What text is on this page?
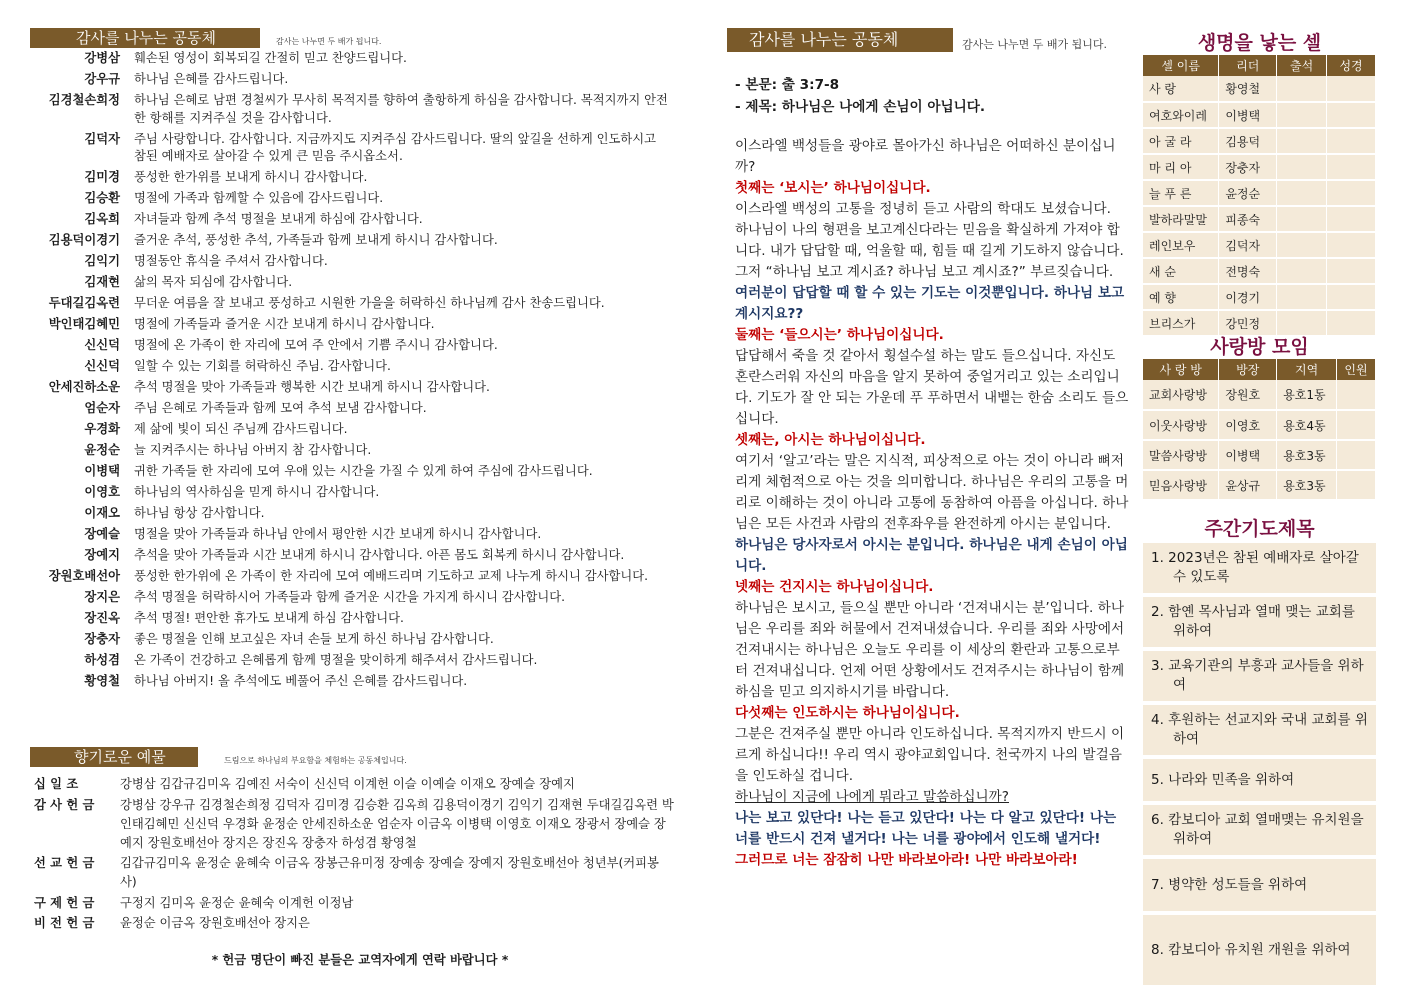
감사를 나누는 공동체	감사는 나누면 두 배가 됩니다.
강병삼	훼손된 영성이 회복되길 간절히 믿고 찬양드립니다.
강우규	하나님 은혜를 감사드립니다.
김경철손희정	하나님 은혜로 남편 경철씨가 무사히 목적지를 향하여 출항하게 하심을 감사합니다. 목적지까지 안전한 항해를 지켜주실 것을 감사합니다.
김덕자	주님 사랑합니다. 감사합니다. 지금까지도 지켜주심 감사드립니다. 딸의 앞길을 선하게 인도하시고 참된 예배자로 살아갈 수 있게 큰 믿음 주시옵소서.
김미경	풍성한 한가위를 보내게 하시니 감사합니다.
김승환	명절에 가족과 함께할 수 있음에 감사드립니다.
김옥희	자녀들과 함께 추석 명절을 보내게 하심에 감사합니다.
김용덕이경기	즐거운 추석, 풍성한 추석, 가족들과 함께 보내게 하시니 감사합니다.
김익기	명절동안 휴식을 주셔서 감사합니다.
김재현	삶의 목자 되심에 감사합니다.
두대길김옥련	무더운 여름을 잘 보내고 풍성하고 시원한 가을을 허락하신 하나님께 감사 찬송드립니다.
박인태김혜민	명절에 가족들과 즐거운 시간 보내게 하시니 감사합니다.
신신덕	명절에 온 가족이 한 자리에 모여 주 안에서 기쁨 주시니 감사합니다.
신신덕	일할 수 있는 기회를 허락하신 주님. 감사합니다.
안세진하소운	추석 명절을 맞아 가족들과 행복한 시간 보내게 하시니 감사합니다.
엄순자	주님 은혜로 가족들과 함께 모여 추석 보냄 감사합니다.
우경화	제 삶에 빛이 되신 주님께 감사드립니다.
윤정순	늘 지켜주시는 하나님 아버지 참 감사합니다.
이병택	귀한 가족들 한 자리에 모여 우애 있는 시간을 가질 수 있게 하여 주심에 감사드립니다.
이영호	하나님의 역사하심을 믿게 하시니 감사합니다.
이재오	하나님 항상 감사합니다.
장예슬	명절을 맞아 가족들과 하나님 안에서 평안한 시간 보내게 하시니 감사합니다.
장예지	추석을 맞아 가족들과 시간 보내게 하시니 감사합니다. 아픈 몸도 회복케 하시니 감사합니다.
장원호배선아	풍성한 한가위에 온 가족이 한 자리에 모여 예배드리며 기도하고 교제 나누게 하시니 감사합니다.
장지은	추석 명절을 허락하시어 가족들과 함께 즐거운 시간을 가지게 하시니 감사합니다.
장진옥	추석 명절! 편안한 휴가도 보내게 하심 감사합니다.
장충자	좋은 명절을 인해 보고싶은 자녀 손들 보게 하신 하나님 감사합니다.
하성겸	온 가족이 건강하고 은혜롭게 함께 명절을 맞이하게 해주셔서 감사드립니다.
황영철	하나님 아버지! 올 추석에도 베풀어 주신 은혜를 감사드립니다.
향기로운 예물	드림으로 하나님의 부요함을 체험하는 공동체입니다.
십 일 조	강병삼 김갑규김미옥 김예진 서숙이 신신덕 이계헌 이슬 이예슬 이재오 장예슬 장예지
감 사 헌 금	강병삼 강우규 김경철손희정 김덕자 김미경 김승환 김옥희 김용덕이경기 김익기 김재현 두대길김옥련 박인태김혜민 신신덕 우경화 윤정순 안세진하소운 엄순자 이금옥 이병택 이영호 이재오 장광서 장예슬 장예지 장원호배선아 장지은 장진옥 장충자 하성겸 황영철
선 교 헌 금	김갑규김미옥 윤정순 윤혜숙 이금옥 장봉근유미정 장예송 장예슬 장예지 장원호배선아 청년부(커피봉사)
구 제 헌 금	구정지 김미옥 윤정순 윤혜숙 이계헌 이정남
비 전 헌 금	윤정순 이금옥 장원호배선아 장지은
* 헌금 명단이 빠진 분들은 교역자에게 연락 바랍니다 *
감사를 나누는 공동체	감사는 나누면 두 배가 됩니다.
- 본문: 출 3:7-8
- 제목: 하나님은 나에게 손님이 아닙니다.
이스라엘 백성들을 광야로 몰아가신 하나님은 어떠하신 분이십니까?
첫째는 ‘보시는’ 하나님이십니다.
이스라엘 백성의 고통을 정녕히 듣고 사람의 학대도 보셨습니다.
하나님이 나의 형편을 보고계신다라는 믿음을 확실하게 가져야 합니다. 내가 답답할 때, 억울할 때, 힘들 때 길게 기도하지 않습니다. 그저 “하나님 보고 계시죠? 하나님 보고 계시죠?” 부르짖습니다.
여러분이 답답할 때 할 수 있는 기도는 이것뿐입니다. 하나님 보고 계시지요??
둘째는 ‘들으시는’ 하나님이십니다.
답답해서 죽을 것 같아서 횡설수설 하는 말도 들으십니다. 자신도 혼란스러워 자신의 마음을 알지 못하여 중얼거리고 있는 소리입니다. 기도가 잘 안 되는 가운데 푸 푸하면서 내뱉는 한숨 소리도 들으십니다.
셋째는, 아시는 하나님이십니다.
여기서 ‘알고’라는 말은 지식적, 피상적으로 아는 것이 아니라 뼈저리게 체험적으로 아는 것을 의미합니다. 하나님은 우리의 고통을 머리로 이해하는 것이 아니라 고통에 동참하여 아픔을 아십니다. 하나님은 모든 사건과 사람의 전후좌우를 완전하게 아시는 분입니다.
하나님은 당사자로서 아시는 분입니다. 하나님은 내게 손님이 아닙니다.
넷째는 건지시는 하나님이십니다.
하나님은 보시고, 들으실 뿐만 아니라 ‘건져내시는 분’입니다. 하나님은 우리를 죄와 허물에서 건져내셨습니다. 우리를 죄와 사망에서 건져내시는 하나님은 오늘도 우리를 이 세상의 환란과 고통으로부터 건져내십니다. 언제 어떤 상황에서도 건져주시는 하나님이 함께 하심을 믿고 의지하시기를 바랍니다.
다섯째는 인도하시는 하나님이십니다.
그분은 건져주실 뿐만 아니라 인도하십니다. 목적지까지 반드시 이르게 하십니다!! 우리 역시 광야교회입니다. 천국까지 나의 발걸음을 인도하실 겁니다.
하나님이 지금에 나에게 뭐라고 말씀하십니까?
나는 보고 있단다! 나는 듣고 있단다! 나는 다 알고 있단다! 나는 너를 반드시 건져 낼거다! 나는 너를 광야에서 인도해 낼거다!
그러므로 너는 잠잠히 나만 바라보아라! 나만 바라보아라!
생명을 낳는 셀
셀 이름	리더	출석	성경
사 랑	황영철		
여호와이레	이병택		
아 굴 라	김용덕		
마 리 아	장충자		
늘 푸 른	윤정순		
발하라말말	피종숙		
레인보우	김덕자		
새 순	전명숙		
예 향	이경기		
브리스가	강민정		
사랑방 모임
사 랑 방	방장	지역	인원
교회사랑방	장원호	용호1동	
이웃사랑방	이영호	용호4동	
말씀사랑방	이병택	용호3동	
믿음사랑방	윤상규	용호3동	
주간기도제목
1. 2023년은 참된 예배자로 살아갈 수 있도록
2. 함옌 목사님과 열매 맺는 교회를 위하여
3. 교육기관의 부흥과 교사들을 위하여
4. 후원하는 선교지와 국내 교회를 위하여
5. 나라와 민족을 위하여
6. 캄보디아 교회 열매맺는 유치원을 위하여
7. 병약한 성도들을 위하여
8. 캄보디아 유치원 개원을 위하여
